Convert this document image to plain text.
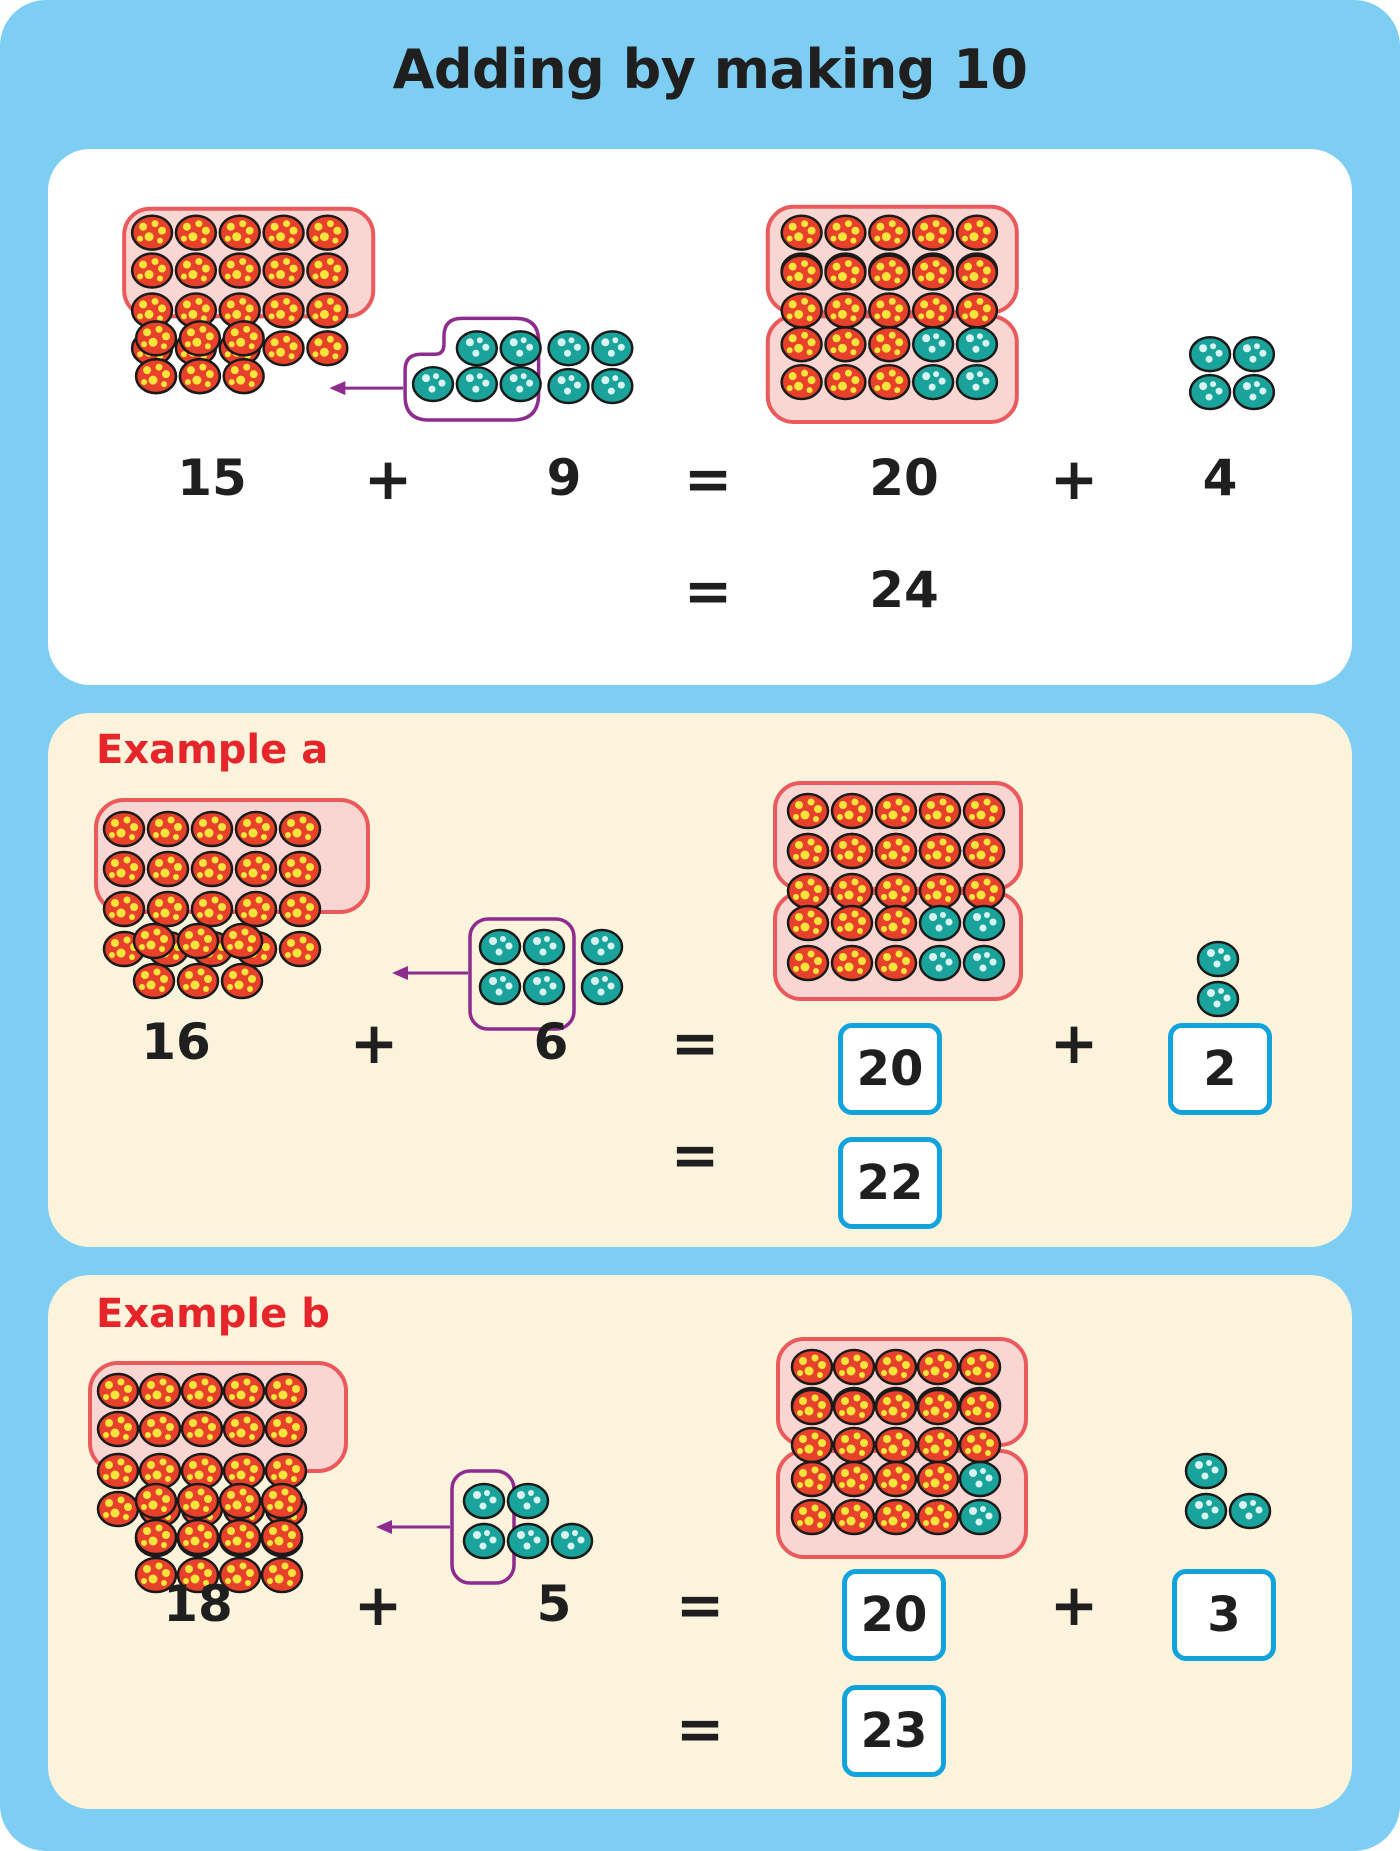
Adding by making 10
15	+	9	=	20	+	4
=	24
Example a
16	+	6	=	20	+	2
=	22
Example b
18	+	5	=	20	+	3
=	23
